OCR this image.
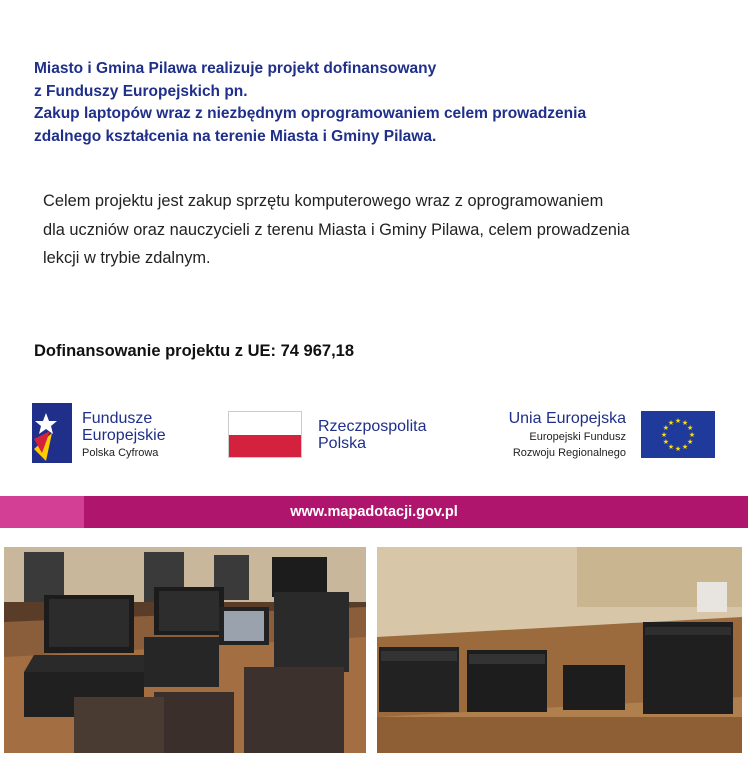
Miasto i Gmina Pilawa realizuje projekt dofinansowany
z Funduszy Europejskich pn.
Zakup laptopów wraz z niezbędnym oprogramowaniem celem prowadzenia
zdalnego kształcenia na terenie Miasta i Gminy Pilawa.
Celem projektu jest zakup sprzętu komputerowego wraz z oprogramowaniem
dla uczniów oraz nauczycieli z terenu Miasta i Gminy Pilawa, celem prowadzenia
lekcji w trybie zdalnym.
Dofinansowanie projektu z UE: 74 967,18
Fundusze
Europejskie
Polska Cyfrowa
Rzeczpospolita
Polska
Unia Europejska
Europejski Fundusz
Rozwoju Regionalnego
★
★
★
★
★
★
★
★
★ ★ ★
★
www.mapadotacji.gov.pl
